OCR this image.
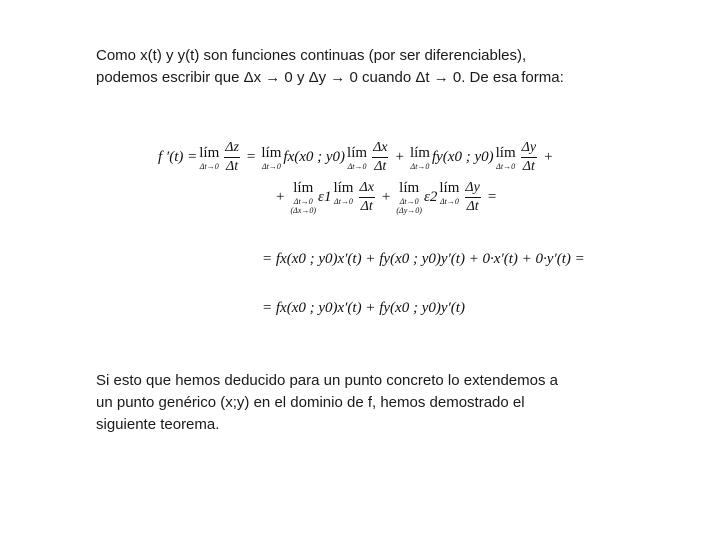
Como x(t) y y(t) son funciones continuas (por ser diferenciables),
podemos escribir que Δx → 0 y Δy → 0 cuando Δt → 0. De esa forma:
f ′(t) = lím
$\Delta t\to 0 \frac{\Delta z}{\Delta t}$ = lím
Δt→0
fx(x0 ; y0) lím
$\Delta t\to 0 \frac{\Delta x}{\Delta t}$ + lím
Δt→0
fy(x0 ; y0) lím
$\Delta t\to 0 \frac{\Delta y}{\Delta t}$ +
+
lím
Δt→0
(Δx→0)
ε1
lím
$\Delta t\to 0 \frac{\Delta x}{\Delta t}$ +
lím
Δt→0
(Δy→0)
ε2
lím
$\Delta t\to 0 \frac{\Delta y}{\Delta t}$ =
= fx(x0 ; y0)x′(t) + fy(x0 ; y0)y′(t) + 0·x′(t) + 0·y′(t) =
= fx(x0 ; y0)x′(t) + fy(x0 ; y0)y′(t)
Si esto que hemos deducido para un punto concreto lo extendemos a
un punto genérico (x;y) en el dominio de f, hemos demostrado el
siguiente teorema.
